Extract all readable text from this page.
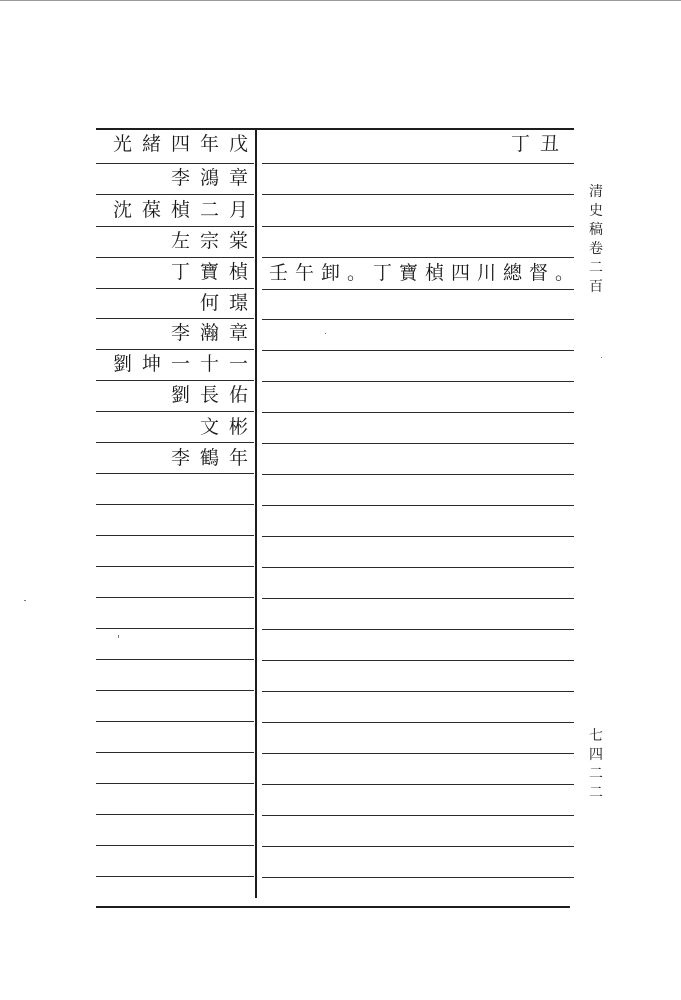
光緒四年戊
李鴻章
沈葆楨二月
左宗棠
丁寶楨
何璟
李瀚章
劉坤一十一
劉長佑
文彬
李鶴年
丁丑
壬午卸。丁寶楨四川總督。
清史稿卷二百
七四二二
